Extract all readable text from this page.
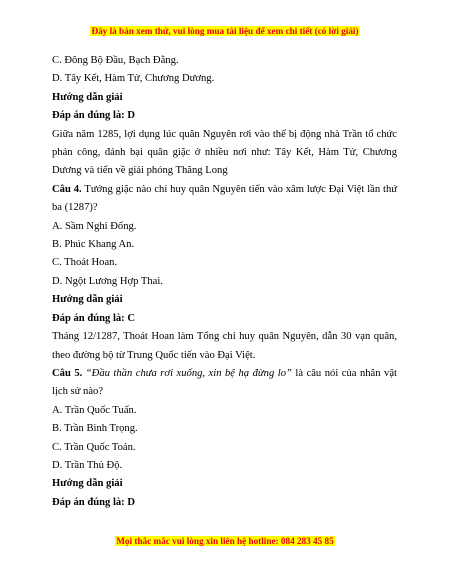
Đây là bản xem thử, vui lòng mua tài liệu để xem chi tiết (có lời giải)

C. Đông Bộ Đầu, Bạch Đằng.

D. Tây Kết, Hàm Tử, Chương Dương.

Hướng dẫn giải

Đáp án đúng là: D

Giữa năm 1285, lợi dụng lúc quân Nguyên rơi vào thế bị động nhà Trần tổ chức phản công, đánh bại quân giặc ở nhiều nơi như: Tây Kết, Hàm Tử, Chương Dương và tiến về giải phóng Thăng Long

Câu 4. Tướng giặc nào chỉ huy quân Nguyên tiến vào xâm lược Đại Việt lần thứ ba (1287)?

A. Sầm Nghi Đống.

B. Phúc Khang An.

C. Thoát Hoan.

D. Ngột Lương Hợp Thai.

Hướng dẫn giải

Đáp án đúng là: C

Tháng 12/1287, Thoát Hoan làm Tổng chỉ huy quân Nguyên, dẫn 30 vạn quân, theo đường bộ từ Trung Quốc tiến vào Đại Việt.

Câu 5. “Đầu thần chưa rơi xuống, xin bệ hạ đừng lo” là câu nói của nhân vật lịch sử nào?

A. Trần Quốc Tuấn.

B. Trần Bình Trọng.

C. Trần Quốc Toản.

D. Trần Thủ Độ.

Hướng dẫn giải

Đáp án đúng là: D

Mọi thắc mắc vui lòng xin liên hệ hotline: 084 283 45 85
